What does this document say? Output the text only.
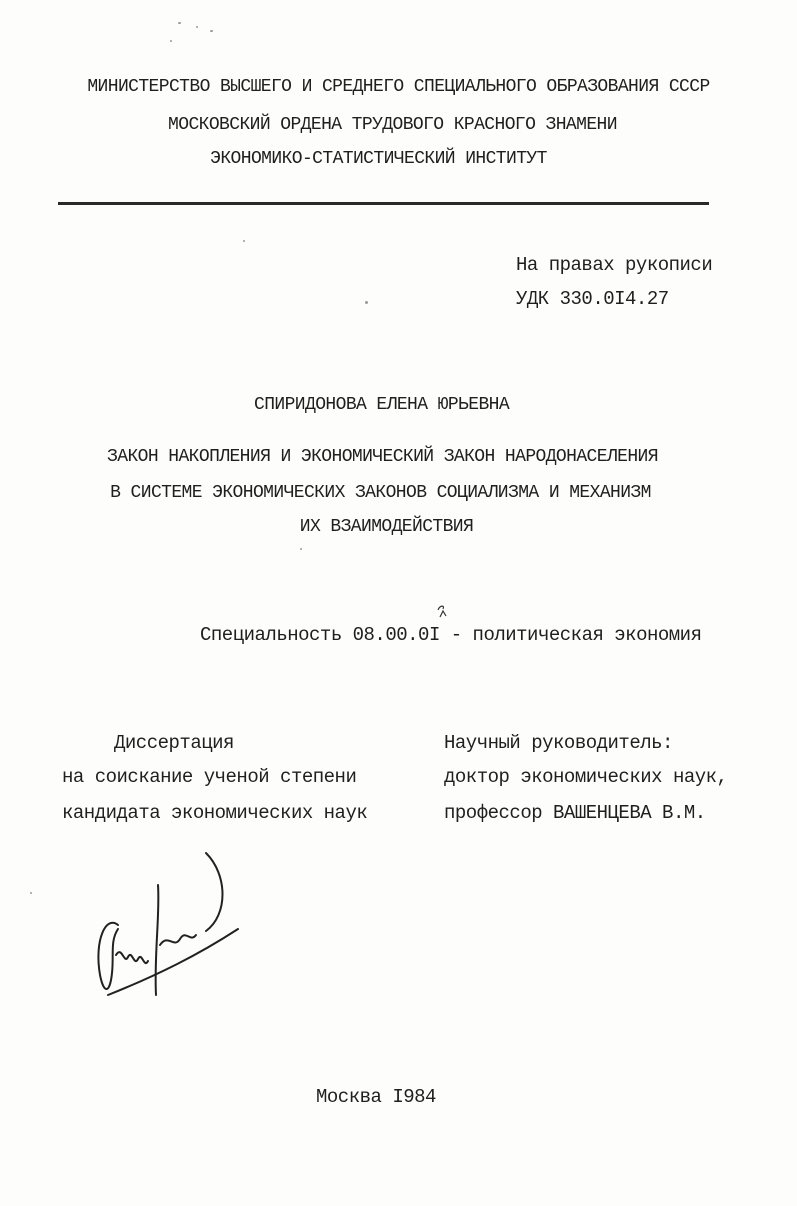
МИНИСТЕРСТВО ВЫСШЕГО И СРЕДНЕГО СПЕЦИАЛЬНОГО ОБРАЗОВАНИЯ СССР
МОСКОВСКИЙ ОРДЕНА ТРУДОВОГО КРАСНОГО ЗНАМЕНИ
ЭКОНОМИКО-СТАТИСТИЧЕСКИЙ ИНСТИТУТ
На правах рукописи
УДК 330.0I4.27
СПИРИДОНОВА ЕЛЕНА ЮРЬЕВНА
ЗАКОН НАКОПЛЕНИЯ И ЭКОНОМИЧЕСКИЙ ЗАКОН НАРОДОНАСЕЛЕНИЯ
В СИСТЕМЕ ЭКОНОМИЧЕСКИХ ЗАКОНОВ СОЦИАЛИЗМА И МЕХАНИЗМ
ИХ ВЗАИМОДЕЙСТВИЯ
Специальность 08.00.0I - политическая экономия
Диссертация
на соискание ученой степени
кандидата экономических наук
Научный руководитель:
доктор экономических наук,
профессор ВАШЕНЦЕВА В.М.
Москва I984
